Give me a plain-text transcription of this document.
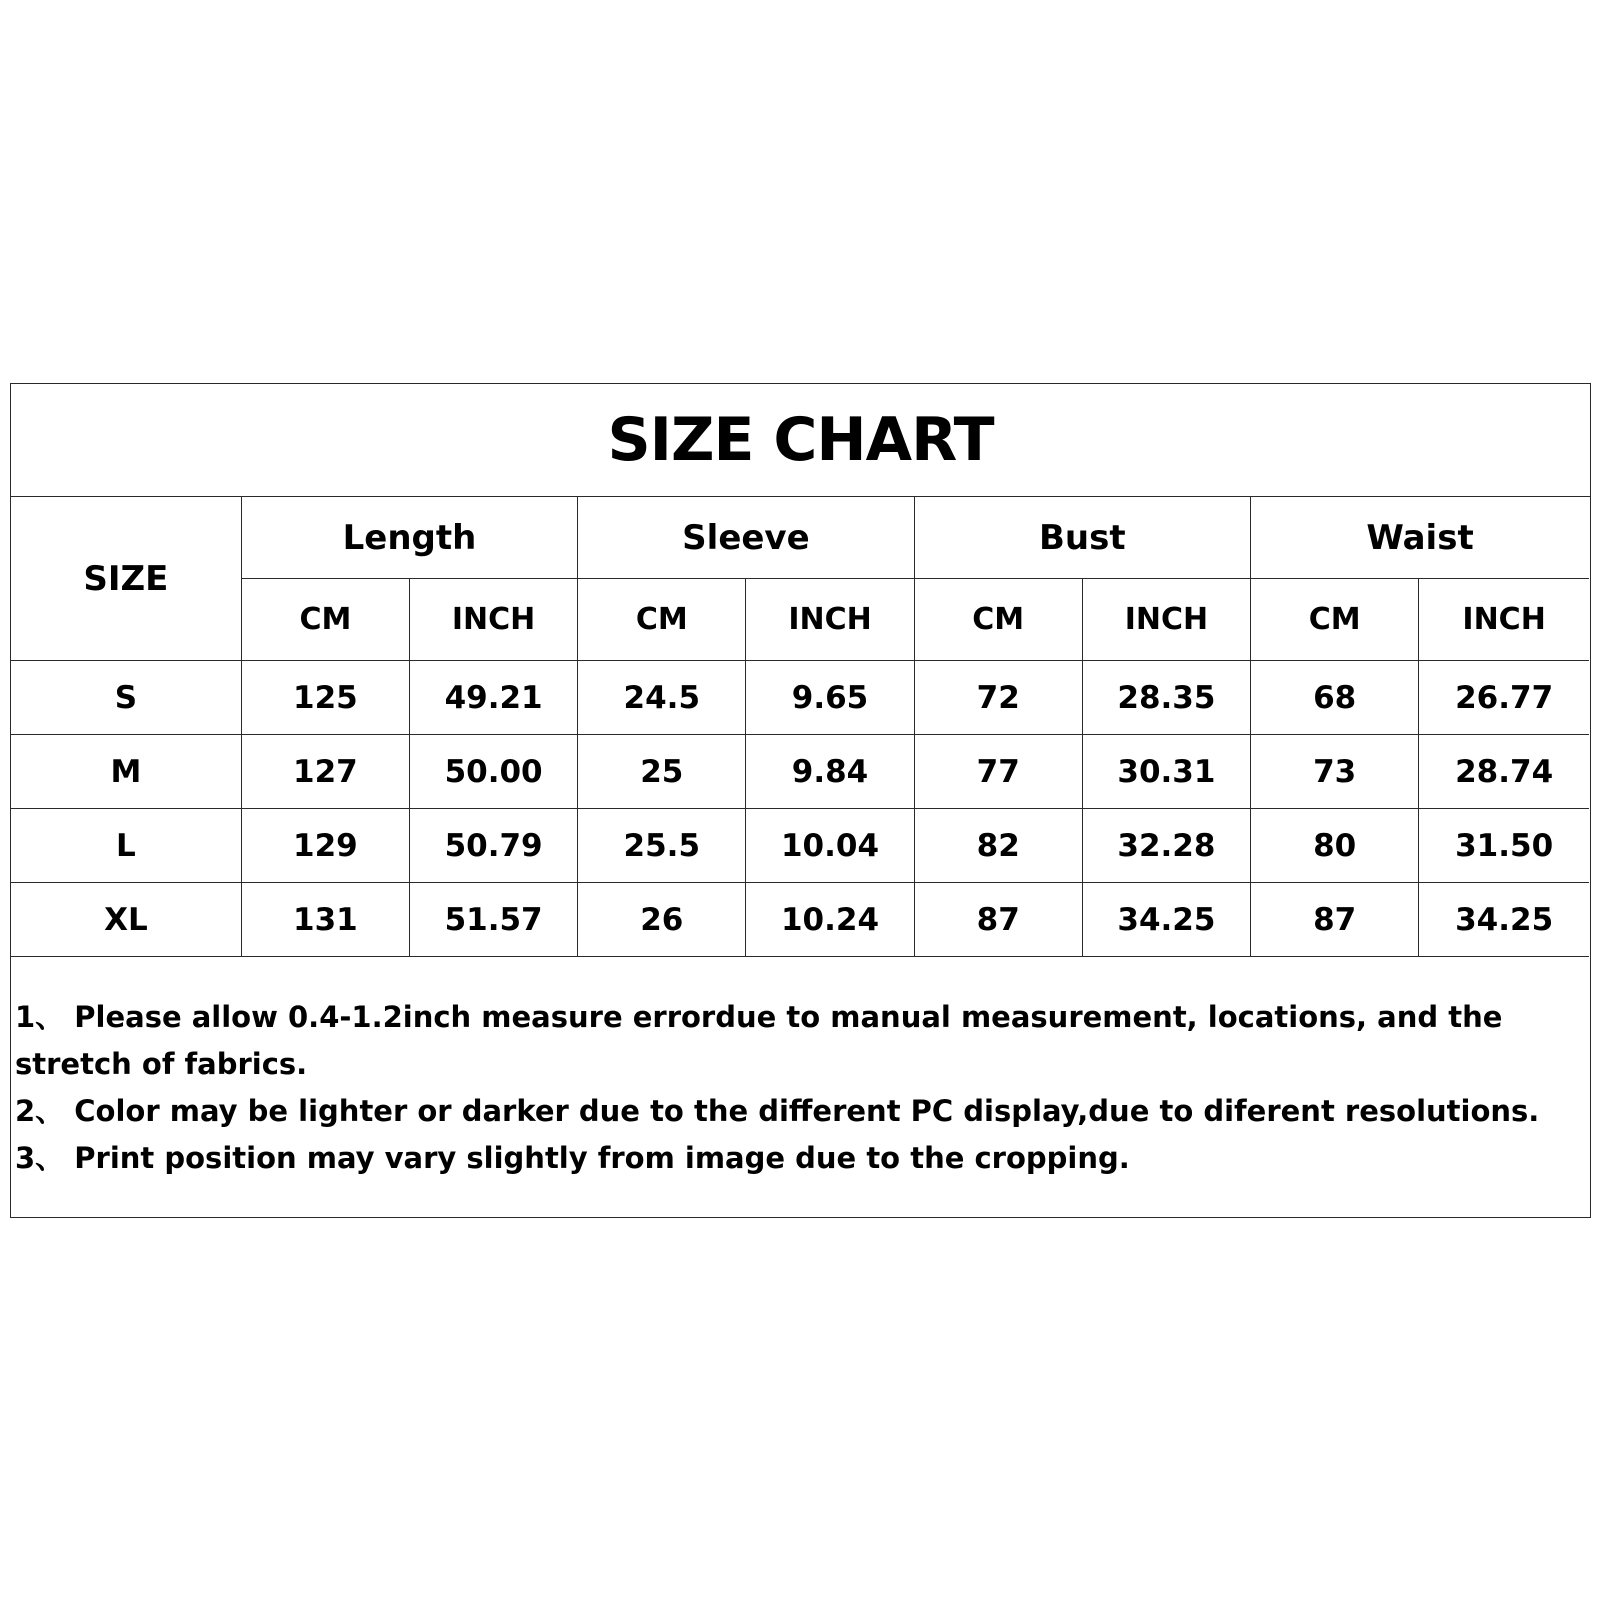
SIZE CHART
SIZE	Length		Sleeve		Bust		Waist	
	CM	INCH	CM	INCH	CM	INCH	CM	INCH
S	125	49.21	24.5	9.65	72	28.35	68	26.77
M	127	50.00	25	9.84	77	30.31	73	28.74
L	129	50.79	25.5	10.04	82	32.28	80	31.50
XL	131	51.57	26	10.24	87	34.25	87	34.25

1、 Please allow 0.4-1.2inch measure errordue to manual measurement, locations, and the stretch of fabrics.

2、 Color may be lighter or darker due to the different PC display,due to diferent resolutions.

3、 Print position may vary slightly from image due to the cropping.
